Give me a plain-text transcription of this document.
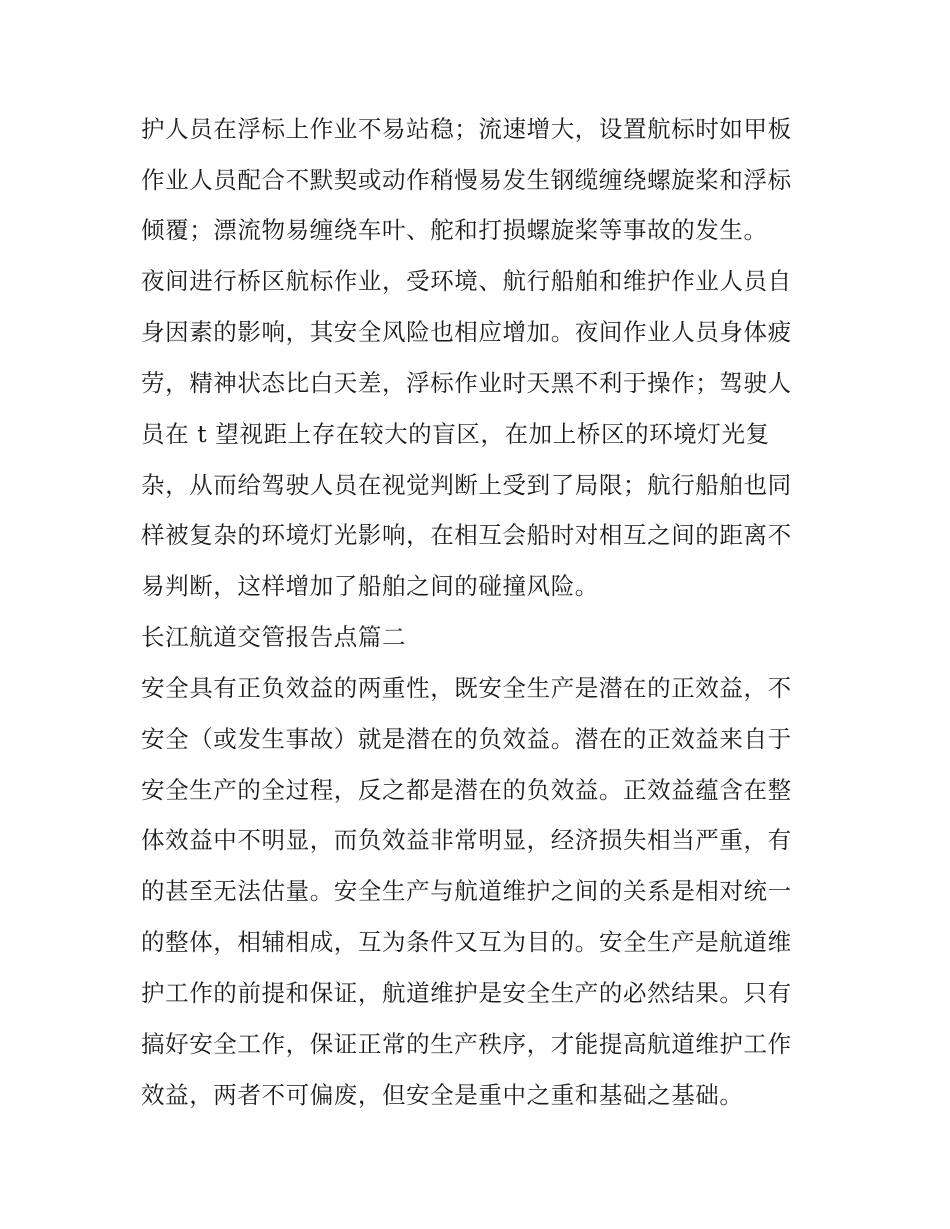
护人员在浮标上作业不易站稳；流速增大，设置航标时如甲板
作业人员配合不默契或动作稍慢易发生钢缆缠绕螺旋桨和浮标
倾覆；漂流物易缠绕车叶、舵和打损螺旋桨等事故的发生。
夜间进行桥区航标作业，受环境、航行船舶和维护作业人员自
身因素的影响，其安全风险也相应增加。夜间作业人员身体疲
劳，精神状态比白天差，浮标作业时天黑不利于操作；驾驶人
员在 t 望视距上存在较大的盲区，在加上桥区的环境灯光复
杂，从而给驾驶人员在视觉判断上受到了局限；航行船舶也同
样被复杂的环境灯光影响，在相互会船时对相互之间的距离不
易判断，这样增加了船舶之间的碰撞风险。
长江航道交管报告点篇二
安全具有正负效益的两重性，既安全生产是潜在的正效益，不
安全（或发生事故）就是潜在的负效益。潜在的正效益来自于
安全生产的全过程，反之都是潜在的负效益。正效益蕴含在整
体效益中不明显，而负效益非常明显，经济损失相当严重，有
的甚至无法估量。安全生产与航道维护之间的关系是相对统一
的整体，相辅相成，互为条件又互为目的。安全生产是航道维
护工作的前提和保证，航道维护是安全生产的必然结果。只有
搞好安全工作，保证正常的生产秩序，才能提高航道维护工作
效益，两者不可偏废，但安全是重中之重和基础之基础。
